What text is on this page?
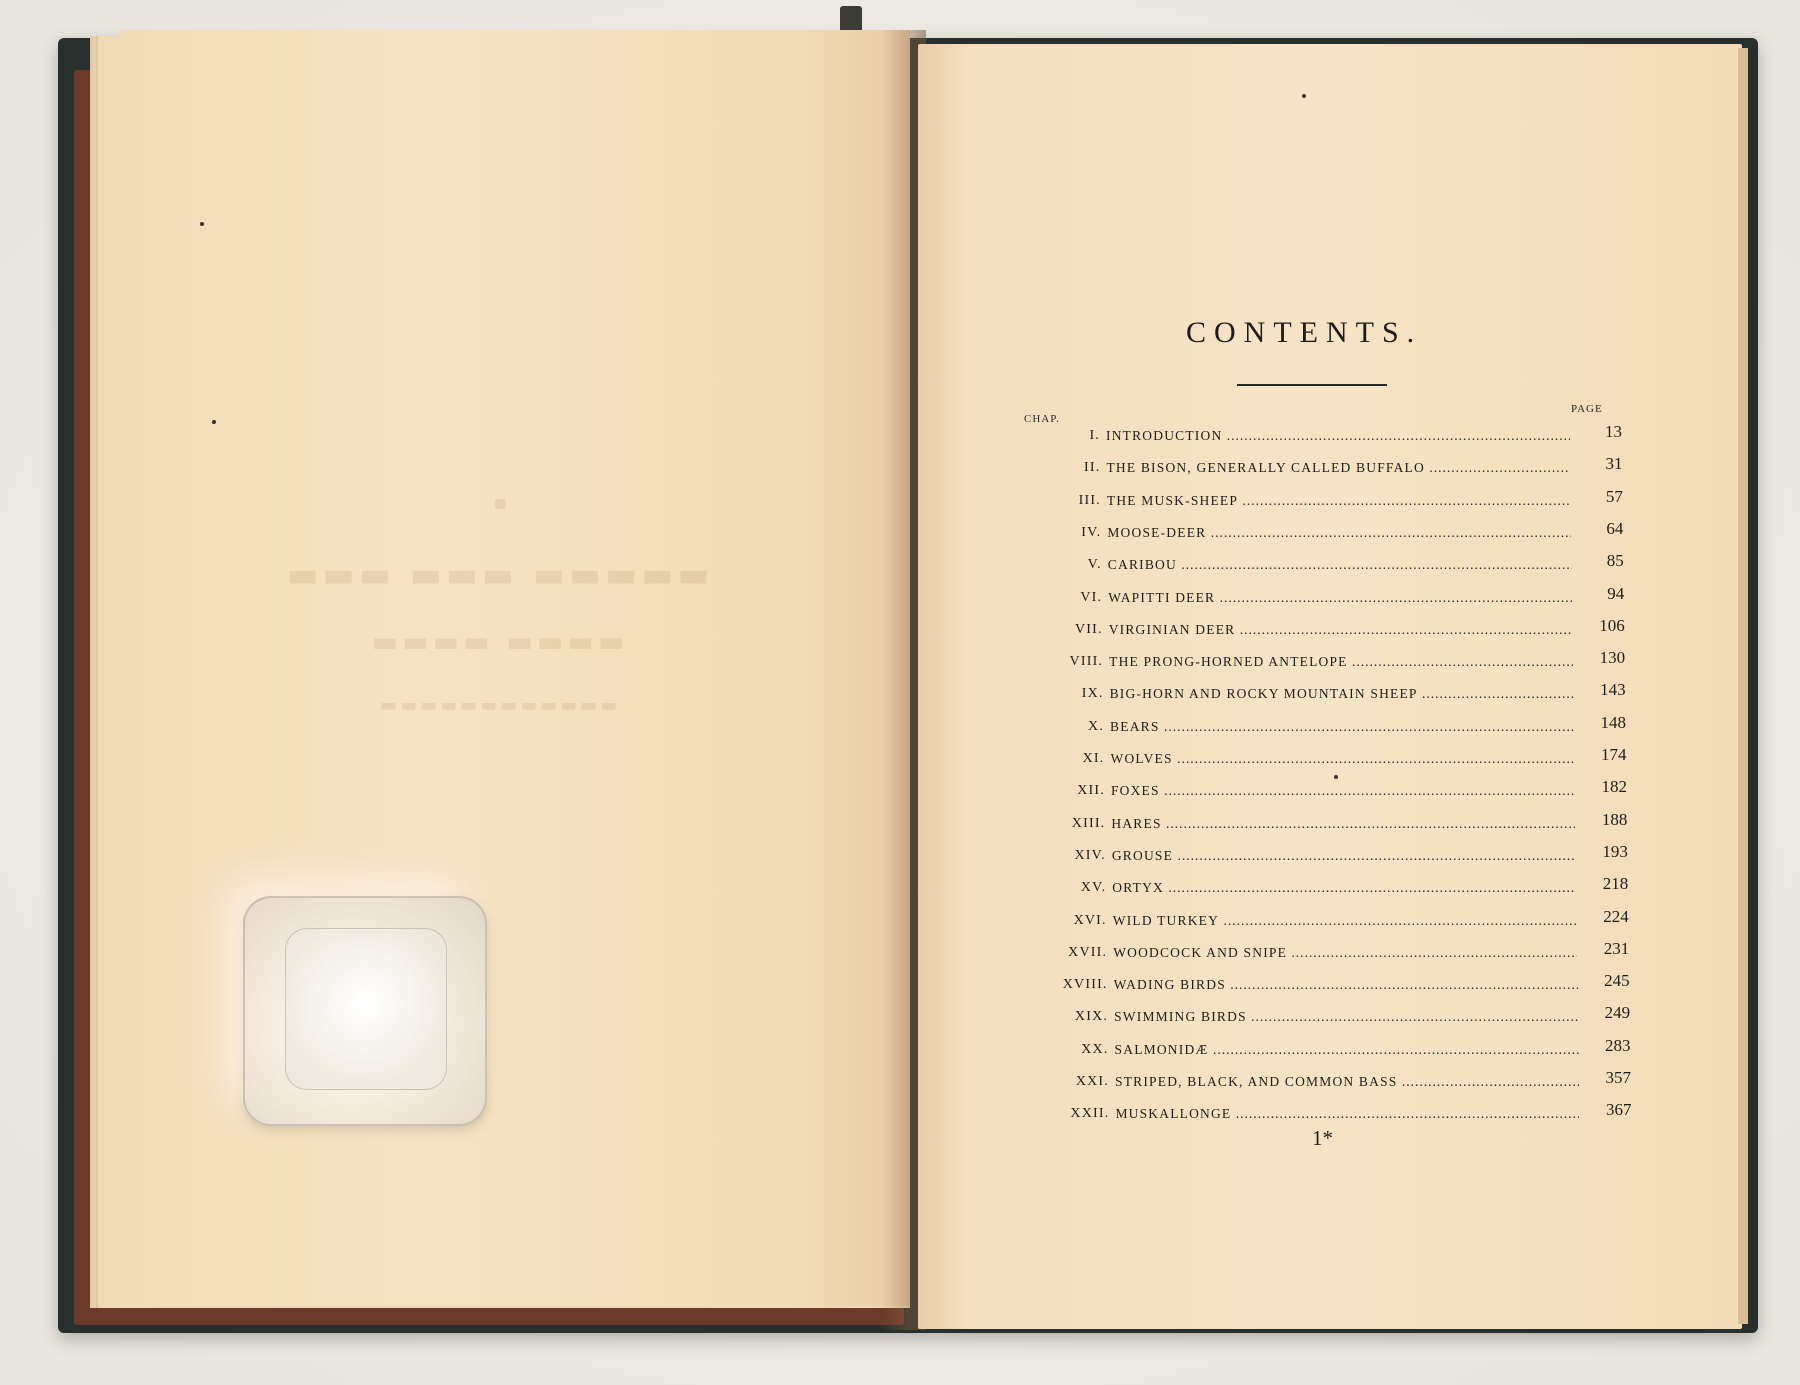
▪
▬▬▬ ▬▬▬ ▬▬▬▬▬
▬▬▬▬ ▬▬▬▬
▬▬▬▬▬▬▬▬▬▬▬▬
CONTENTS.
CHAP.
PAGE
I. INTRODUCTION .....	13
II. THE BISON, GENERALLY CALLED BUFFALO .....	31
III. THE MUSK-SHEEP .....	57
IV. MOOSE-DEER .....	64
V. CARIBOU .....	85
VI. WAPITTI DEER .....	94
VII. VIRGINIAN DEER .....	106
VIII. THE PRONG-HORNED ANTELOPE .....	130
IX. BIG-HORN AND ROCKY MOUNTAIN SHEEP .....	143
X. BEARS .....	148
XI. WOLVES .....	174
XII. FOXES .....	182
XIII. HARES .....	188
XIV. GROUSE .....	193
XV. ORTYX .....	218
XVI. WILD TURKEY .....	224
XVII. WOODCOCK AND SNIPE .....	231
XVIII. WADING BIRDS .....	245
XIX. SWIMMING BIRDS .....	249
XX. SALMONIDÆ .....	283
XXI. STRIPED, BLACK, AND COMMON BASS .....	357
XXII. MUSKALLONGE .....	367
1*
